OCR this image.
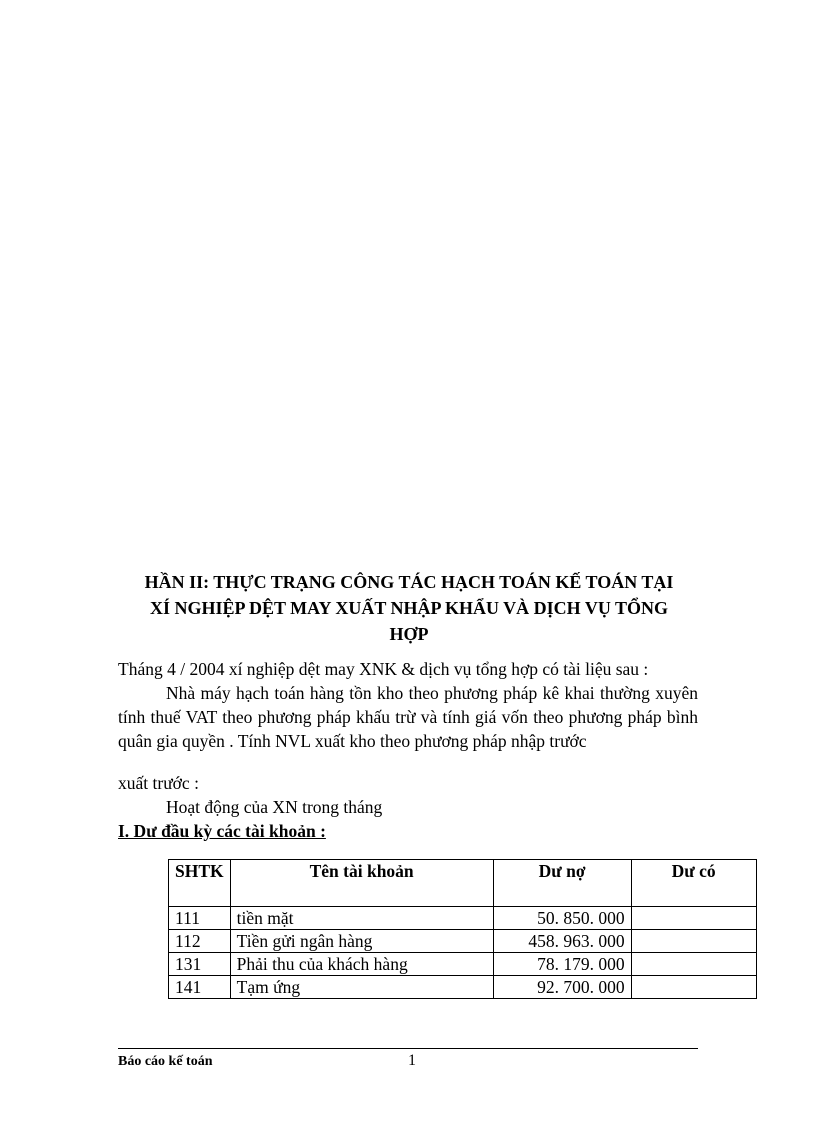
HẦN II: THỰC TRẠNG CÔNG TÁC HẠCH TOÁN KẾ TOÁN TẠI
XÍ NGHIỆP DỆT MAY XUẤT NHẬP KHẨU VÀ DỊCH VỤ TỔNG
HỢP
Tháng 4 / 2004 xí nghiệp dệt may XNK & dịch vụ tổng hợp có tài liệu sau :
Nhà máy hạch toán hàng tồn kho theo phương pháp kê khai thường xuyên tính thuế VAT theo phương pháp khấu trừ và tính giá vốn theo phương pháp bình quân gia quyền . Tính NVL xuất kho theo phương pháp nhập trước
xuất trước :
Hoạt động của XN trong tháng
I. Dư đầu kỳ các tài khoản :
SHTK	Tên tài khoản	Dư nợ	Dư có
111	tiền mặt	50. 850. 000	
112	Tiền gửi ngân hàng	458. 963. 000	
131	Phải thu của khách hàng	78. 179. 000	
141	Tạm ứng	92. 700. 000	
Báo cáo kế toán	1
